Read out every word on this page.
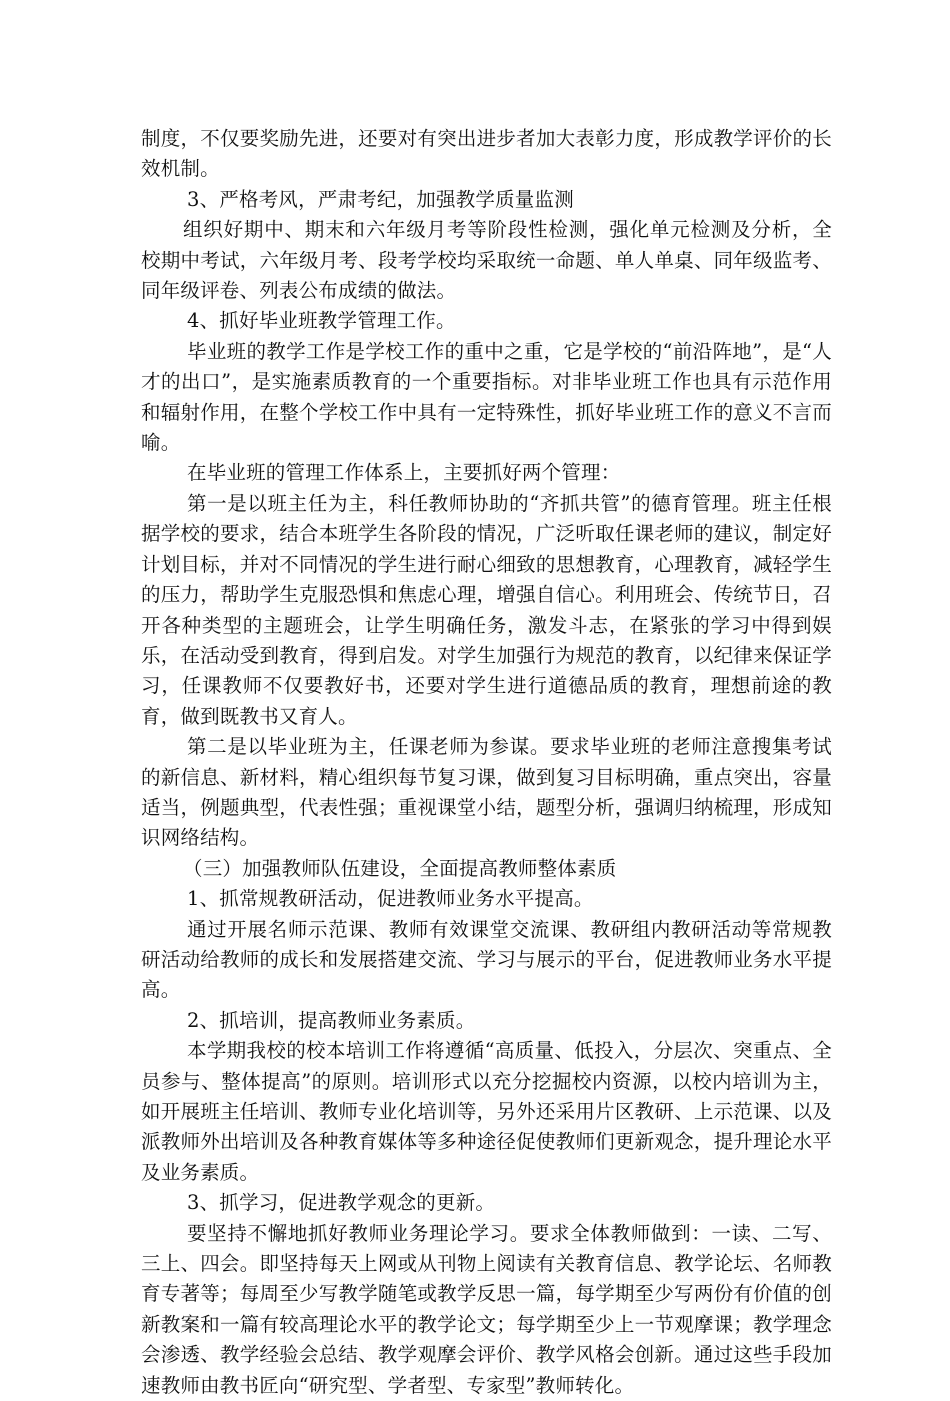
制度，不仅要奖励先进，还要对有突出进步者加大表彰力度，形成教学评价的长效机制。

3、严格考风，严肃考纪，加强教学质量监测

组织好期中、期末和六年级月考等阶段性检测，强化单元检测及分析，全校期中考试，六年级月考、段考学校均采取统一命题、单人单桌、同年级监考、同年级评卷、列表公布成绩的做法。

4、抓好毕业班教学管理工作。

毕业班的教学工作是学校工作的重中之重，它是学校的“前沿阵地”，是“人才的出口”，是实施素质教育的一个重要指标。对非毕业班工作也具有示范作用和辐射作用，在整个学校工作中具有一定特殊性，抓好毕业班工作的意义不言而喻。

在毕业班的管理工作体系上，主要抓好两个管理：

第一是以班主任为主，科任教师协助的“齐抓共管”的德育管理。班主任根据学校的要求，结合本班学生各阶段的情况，广泛听取任课老师的建议，制定好计划目标，并对不同情况的学生进行耐心细致的思想教育，心理教育，减轻学生的压力，帮助学生克服恐惧和焦虑心理，增强自信心。利用班会、传统节日，召开各种类型的主题班会，让学生明确任务，激发斗志，在紧张的学习中得到娱乐，在活动受到教育，得到启发。对学生加强行为规范的教育，以纪律来保证学习，任课教师不仅要教好书，还要对学生进行道德品质的教育，理想前途的教育，做到既教书又育人。

第二是以毕业班为主，任课老师为参谋。要求毕业班的老师注意搜集考试的新信息、新材料，精心组织每节复习课，做到复习目标明确，重点突出，容量适当，例题典型，代表性强；重视课堂小结，题型分析，强调归纳梳理，形成知识网络结构。

（三）加强教师队伍建设，全面提高教师整体素质

1、抓常规教研活动，促进教师业务水平提高。

通过开展名师示范课、教师有效课堂交流课、教研组内教研活动等常规教研活动给教师的成长和发展搭建交流、学习与展示的平台，促进教师业务水平提高。

2、抓培训，提高教师业务素质。

本学期我校的校本培训工作将遵循“高质量、低投入，分层次、突重点、全员参与、整体提高”的原则。培训形式以充分挖掘校内资源，以校内培训为主，如开展班主任培训、教师专业化培训等，另外还采用片区教研、上示范课、以及派教师外出培训及各种教育媒体等多种途径促使教师们更新观念，提升理论水平及业务素质。

3、抓学习，促进教学观念的更新。

要坚持不懈地抓好教师业务理论学习。要求全体教师做到：一读、二写、三上、四会。即坚持每天上网或从刊物上阅读有关教育信息、教学论坛、名师教育专著等；每周至少写教学随笔或教学反思一篇，每学期至少写两份有价值的创新教案和一篇有较高理论水平的教学论文；每学期至少上一节观摩课；教学理念会渗透、教学经验会总结、教学观摩会评价、教学风格会创新。通过这些手段加速教师由教书匠向“研究型、学者型、专家型”教师转化。
